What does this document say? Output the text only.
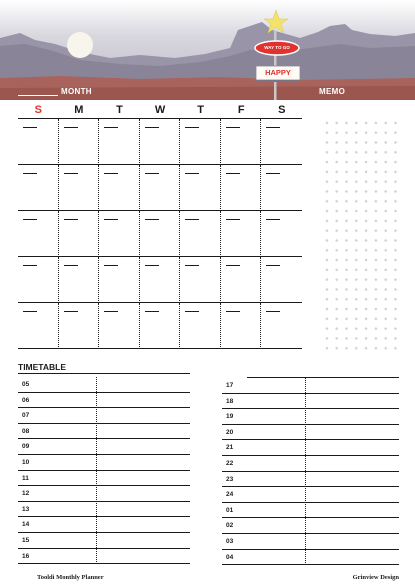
WAY TO GO
HAPPY
MONTH	MEMO
S	M	T	W	T	F	S
TIMETABLE
05
06
07
08
09
10
11
12
13
14
15
16
17
18
19
20
21
22
23
24
01
02
03
04
Tooldi Monthly Planner	Grinview Design
